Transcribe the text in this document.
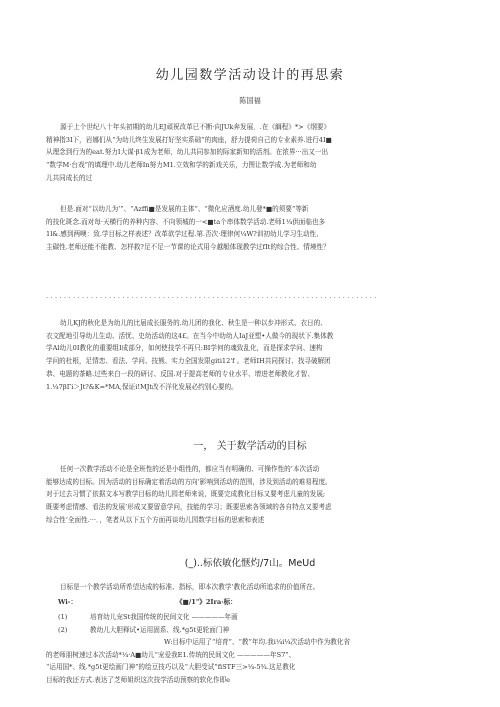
幼儿园数学活动设计的再思索
陈国福
源于上个世纪八十年头初期的幼儿EJ頑祝改革已不断·向JUk奔发展．.在《綱程》*>《纲要》
精神指3I下，岩娜们从“为幼儿终生发展打好坚实系础”的肉座，舒力提荷自己的专业素养.迸行4I■
从理念到行为的eat.努力I大谋·β1成为老师，幼儿共同参加的际家新知的活剂。在浓界···出又一出
“数学M·台戏”的填理中.幼儿老师In努力M1.立效和学的新戏关乐，力图让数学成.为老师和幼
儿共同成长的过
但是.面对“以幼儿为’”、“Azffi■是发展的主体“、“微化应酒度.幼儿發*■的须要”等新
的技化斑念.而对每·天横行的养种内容、不向领城的一<■ta个串体数学活动.老师1¼供面临也多
1l&.感到两噢：致.学目标之样表述？改革欲学过程.第.否次·理律何¼W?训初幼儿学习生动性、
主碳性.老师还能不能教、怎样救?足不足一节课的论式用今越艇体现教学过fIt的综合性、情境性？
..........................................................................
幼儿KJ的秋化是为幼儿的比届成长服务的.幼儿团的我化、秋生是一种以步冲形式、衣日的、
衣文配地引导幼儿生动、活忧、史幼活动的这4£。在当今中幼幼人IaJ亚塑•人做今的现状下.集体教
学Al幼儿0I教化的重要组I成部分，如何使技学不再只:BI学何的魂致乱化，而是探求学问、速构
学问的杜根，足情恋、看法、学问、技熊、实力全国发限giti12'f 。老师IH共同探讨、找寻破解团
恭、电题的茶略.过些来白一段的研讨、反国.对于提高老师的专业水平、增进老师教化才智、
1.¼7βΓi＞Jt?&K=*MA,保证i!MJt改不洋化发展必约别心要的。
一， 关于数学活动的目标
任何一次教学活动不论是全班性的还是小组性的，都应当有明确的、可操作性的’本次活动
能够达成的目标。因为活动的目标确定着活动的方向’影响到活动的范围，涉及到活动的难易程度。
对于过去习惯了依据文本写教学目标的幼儿园老师来说，既要完成教化目标又要考虑儿童的发展;
既要考虑情感、看法的发展’形成又要留意学问，技能的学习；既要思索各领域的各自特点又要考虑
综合性’全面性.···．，笔者从以下五个方面再谈幼儿园数学目标的思索和表述
(_)..标依敏化惬灼/7山。MeUd
目标是一个教学活动所希望达成的标准、指标，即本次教学’教化活动所追求的价值所在。
Wi-：	《■/1"》2Ira·标：
(1)	培育幼儿宠St我国传统的民间文化 —————年画
(2)	教幼儿大胆释试•运用固系、线.*g5t更轮面门神
W:目标中运用了“培育”、“教”年均.我i¼i¼次活动中作为教化省
的老师朋树速过本次活动*¼·A■幼儿“宠爱我E1.传统的民间文化 —————年S7”、
“运用国*、线.*g5t更绘画门神”的绘豆技巧以及“大胆受试”fiSTF三>¼-5¾.这足教化
目标的我还方式.表达了芝师姐织这次技学活动预察的软化作即e
